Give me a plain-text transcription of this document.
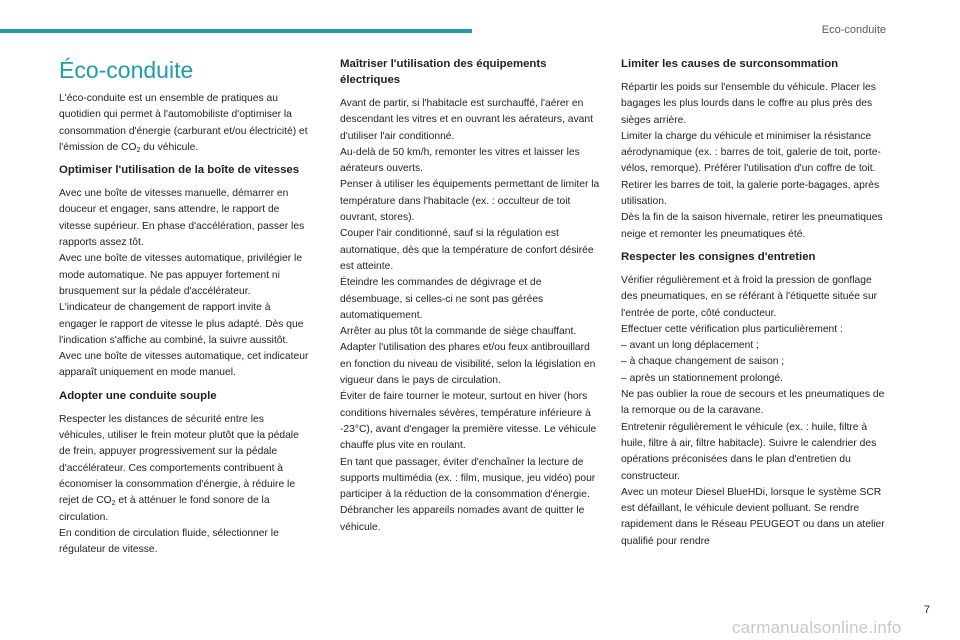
Eco-conduite
Éco-conduite

L'éco-conduite est un ensemble de pratiques au quotidien qui permet à l'automobiliste d'optimiser la consommation d'énergie (carburant et/ou électricité) et l'émission de $CO_2$ du véhicule.

Optimiser l'utilisation de la boîte de vitesses

Avec une boîte de vitesses manuelle, démarrer en douceur et engager, sans attendre, le rapport de vitesse supérieur. En phase d'accélération, passer les rapports assez tôt.
Avec une boîte de vitesses automatique, privilégier le mode automatique. Ne pas appuyer fortement ni brusquement sur la pédale d'accélérateur.
L'indicateur de changement de rapport invite à engager le rapport de vitesse le plus adapté. Dès que l'indication s'affiche au combiné, la suivre aussitôt.
Avec une boîte de vitesses automatique, cet indicateur apparaît uniquement en mode manuel.

Adopter une conduite souple

Respecter les distances de sécurité entre les véhicules, utiliser le frein moteur plutôt que la pédale de frein, appuyer progressivement sur la pédale d'accélérateur. Ces comportements contribuent à économiser la consommation d'énergie, à réduire le rejet de $CO_2$ et à atténuer le fond sonore de la circulation.
En condition de circulation fluide, sélectionner le régulateur de vitesse.

Maîtriser l'utilisation des équipements électriques

Avant de partir, si l'habitacle est surchauffé, l'aérer en descendant les vitres et en ouvrant les aérateurs, avant d'utiliser l'air conditionné.
Au-delà de 50 km/h, remonter les vitres et laisser les aérateurs ouverts.
Penser à utiliser les équipements permettant de limiter la température dans l'habitacle (ex. : occulteur de toit ouvrant, stores).
Couper l'air conditionné, sauf si la régulation est automatique, dès que la température de confort désirée est atteinte.
Éteindre les commandes de dégivrage et de désembuage, si celles-ci ne sont pas gérées automatiquement.
Arrêter au plus tôt la commande de siège chauffant.
Adapter l'utilisation des phares et/ou feux antibrouillard en fonction du niveau de visibilité, selon la législation en vigueur dans le pays de circulation.
Éviter de faire tourner le moteur, surtout en hiver (hors conditions hivernales sévères, température inférieure à -23°C), avant d'engager la première vitesse. Le véhicule chauffe plus vite en roulant.
En tant que passager, éviter d'enchaîner la lecture de supports multimédia (ex. : film, musique, jeu vidéo) pour participer à la réduction de la consommation d'énergie.
Débrancher les appareils nomades avant de quitter le véhicule.

Limiter les causes de surconsommation

Répartir les poids sur l'ensemble du véhicule. Placer les bagages les plus lourds dans le coffre au plus près des sièges arrière.
Limiter la charge du véhicule et minimiser la résistance aérodynamique (ex. : barres de toit, galerie de toit, porte-vélos, remorque). Préférer l'utilisation d'un coffre de toit.
Retirer les barres de toit, la galerie porte-bagages, après utilisation.
Dès la fin de la saison hivernale, retirer les pneumatiques neige et remonter les pneumatiques été.

Respecter les consignes d'entretien

Vérifier régulièrement et à froid la pression de gonflage des pneumatiques, en se référant à l'étiquette située sur l'entrée de porte, côté conducteur.
Effectuer cette vérification plus particulièrement :
– avant un long déplacement ;
– à chaque changement de saison ;
– après un stationnement prolongé.
Ne pas oublier la roue de secours et les pneumatiques de la remorque ou de la caravane.
Entretenir régulièrement le véhicule (ex. : huile, filtre à huile, filtre à air, filtre habitacle). Suivre le calendrier des opérations préconisées dans le plan d'entretien du constructeur.
Avec un moteur Diesel BlueHDi, lorsque le système SCR est défaillant, le véhicule devient polluant. Se rendre rapidement dans le Réseau PEUGEOT ou dans un atelier qualifié pour rendre

7
carmanualsonline.info
